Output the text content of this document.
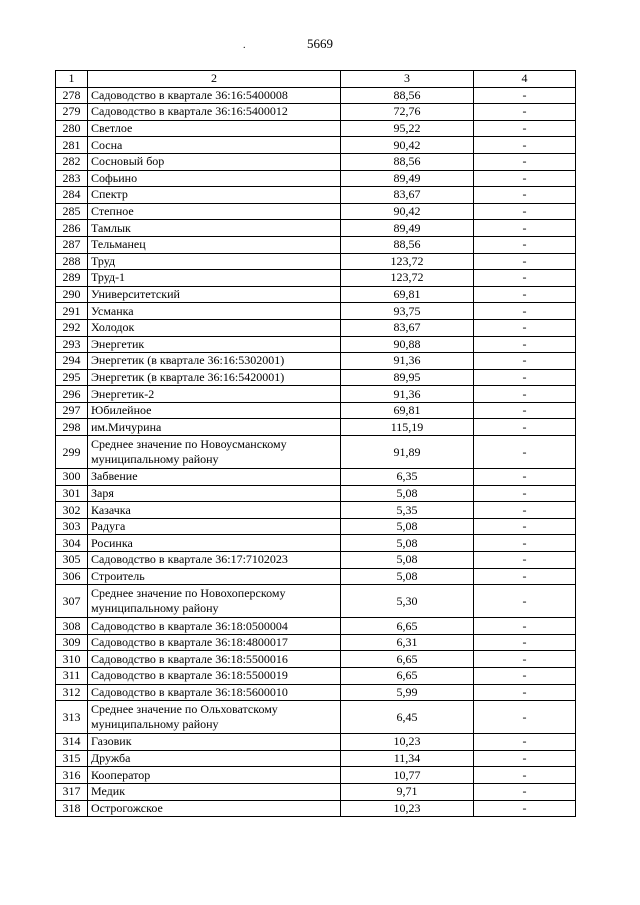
5669
.
1	2	3	4
278	Садоводство в квартале 36:16:5400008	88,56	-
279	Садоводство в квартале 36:16:5400012	72,76	-
280	Светлое	95,22	-
281	Сосна	90,42	-
282	Сосновый бор	88,56	-
283	Софьино	89,49	-
284	Спектр	83,67	-
285	Степное	90,42	-
286	Тамлык	89,49	-
287	Тельманец	88,56	-
288	Труд	123,72	-
289	Труд-1	123,72	-
290	Университетский	69,81	-
291	Усманка	93,75	-
292	Холодок	83,67	-
293	Энергетик	90,88	-
294	Энергетик (в квартале 36:16:5302001)	91,36	-
295	Энергетик (в квартале 36:16:5420001)	89,95	-
296	Энергетик-2	91,36	-
297	Юбилейное	69,81	-
298	им.Мичурина	115,19	-
299	Среднее значение по Новоусманскому муниципальному району	91,89	-
300	Забвение	6,35	-
301	Заря	5,08	-
302	Казачка	5,35	-
303	Радуга	5,08	-
304	Росинка	5,08	-
305	Садоводство в квартале 36:17:7102023	5,08	-
306	Строитель	5,08	-
307	Среднее значение по Новохоперскому муниципальному району	5,30	-
308	Садоводство в квартале 36:18:0500004	6,65	-
309	Садоводство в квартале 36:18:4800017	6,31	-
310	Садоводство в квартале 36:18:5500016	6,65	-
311	Садоводство в квартале 36:18:5500019	6,65	-
312	Садоводство в квартале 36:18:5600010	5,99	-
313	Среднее значение по Ольховатскому муниципальному району	6,45	-
314	Газовик	10,23	-
315	Дружба	11,34	-
316	Кооператор	10,77	-
317	Медик	9,71	-
318	Острогожское	10,23	-
